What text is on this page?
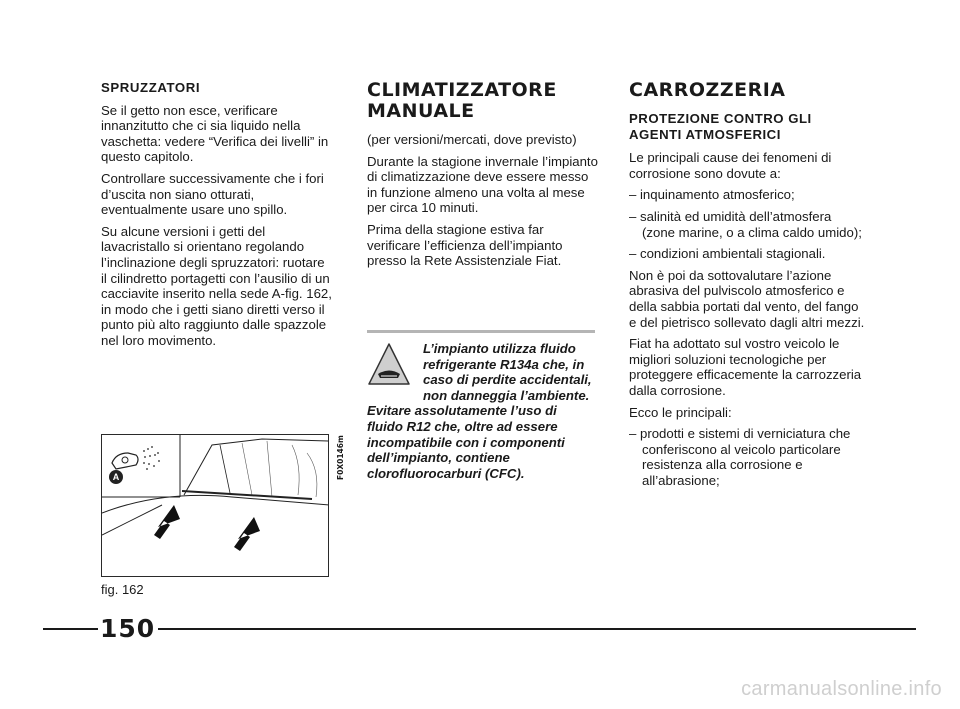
SPRUZZATORI

Se il getto non esce, verificare innanzitutto che ci sia liquido nella vaschetta: vedere “Verifica dei livelli” in questo capitolo.

Controllare successivamente che i fori d’uscita non siano otturati, eventualmente usare uno spillo.

Su alcune versioni i getti del lavacristallo si orientano regolando l’inclinazione degli spruzzatori: ruotare il cilindretto portagetti con l’ausilio di un cacciavite inserito nella sede A-fig. 162, in modo che i getti siano diretti verso il punto più alto raggiunto dalle spazzole nel loro movimento.

A	F0X0146m
fig. 162
CLIMATIZZATORE
MANUALE

(per versioni/mercati, dove previsto)

Durante la stagione invernale l’impianto di climatizzazione deve essere messo in funzione almeno una volta al mese per circa 10 minuti.

Prima della stagione estiva far verificare l’efficienza dell’impianto presso la Rete Assistenziale Fiat.

L’impianto utilizza fluido refrigerante R134a che, in caso di perdite accidentali, non danneggia l’ambiente. Evitare assolutamente l’uso di fluido R12 che, oltre ad essere incompatibile con i componenti dell’impianto, contiene clorofluorocarburi (CFC).
CARROZZERIA
PROTEZIONE CONTRO GLI
AGENTI ATMOSFERICI

Le principali cause dei fenomeni di corrosione sono dovute a:

– inquinamento atmosferico;

– salinità ed umidità dell’atmosfera (zone marine, o a clima caldo umido);

– condizioni ambientali stagionali.

Non è poi da sottovalutare l’azione abrasiva del pulviscolo atmosferico e della sabbia portati dal vento, del fango e del pietrisco sollevato dagli altri mezzi.

Fiat ha adottato sul vostro veicolo le migliori soluzioni tecnologiche per proteggere efficacemente la carrozzeria dalla corrosione.

Ecco le principali:

– prodotti e sistemi di verniciatura che conferiscono al veicolo particolare resistenza alla corrosione e all’abrasione;

150
carmanualsonline.info
